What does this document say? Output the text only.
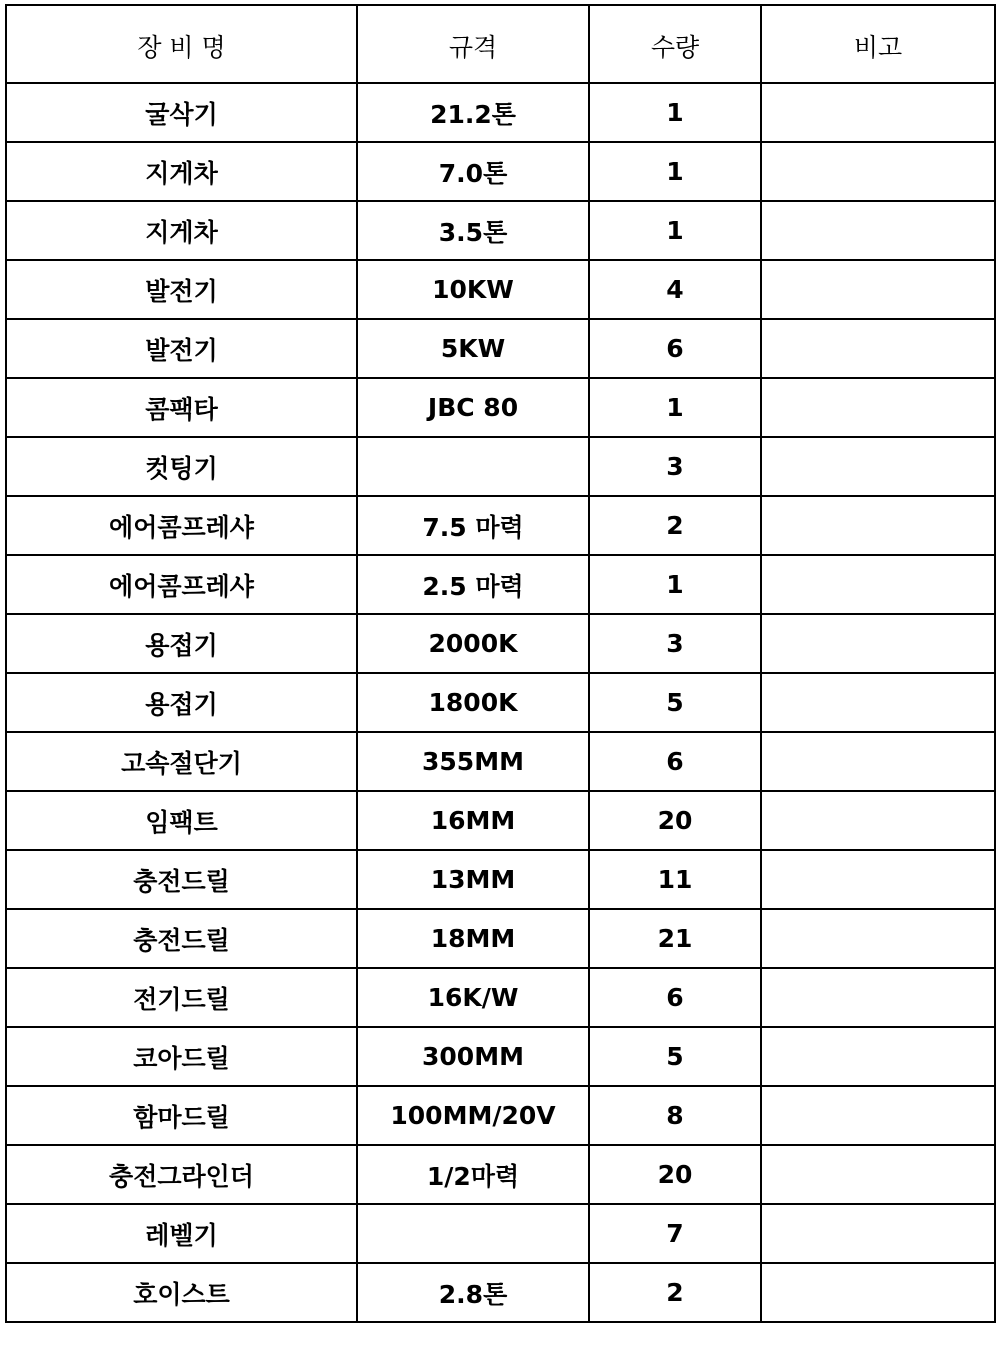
장 비 명	규격	수량	비고
굴삭기	21.2톤	1	
지게차	7.0톤	1	
지게차	3.5톤	1	
발전기	10KW	4	
발전기	5KW	6	
콤팩타	JBC 80	1	
컷팅기		3	
에어콤프레샤	7.5 마력	2	
에어콤프레샤	2.5 마력	1	
용접기	2000K	3	
용접기	1800K	5	
고속절단기	355MM	6	
임팩트	16MM	20	
충전드릴	13MM	11	
충전드릴	18MM	21	
전기드릴	16K/W	6	
코아드릴	300MM	5	
함마드릴	100MM/20V	8	
충전그라인더	1/2마력	20	
레벨기		7	
호이스트	2.8톤	2	
